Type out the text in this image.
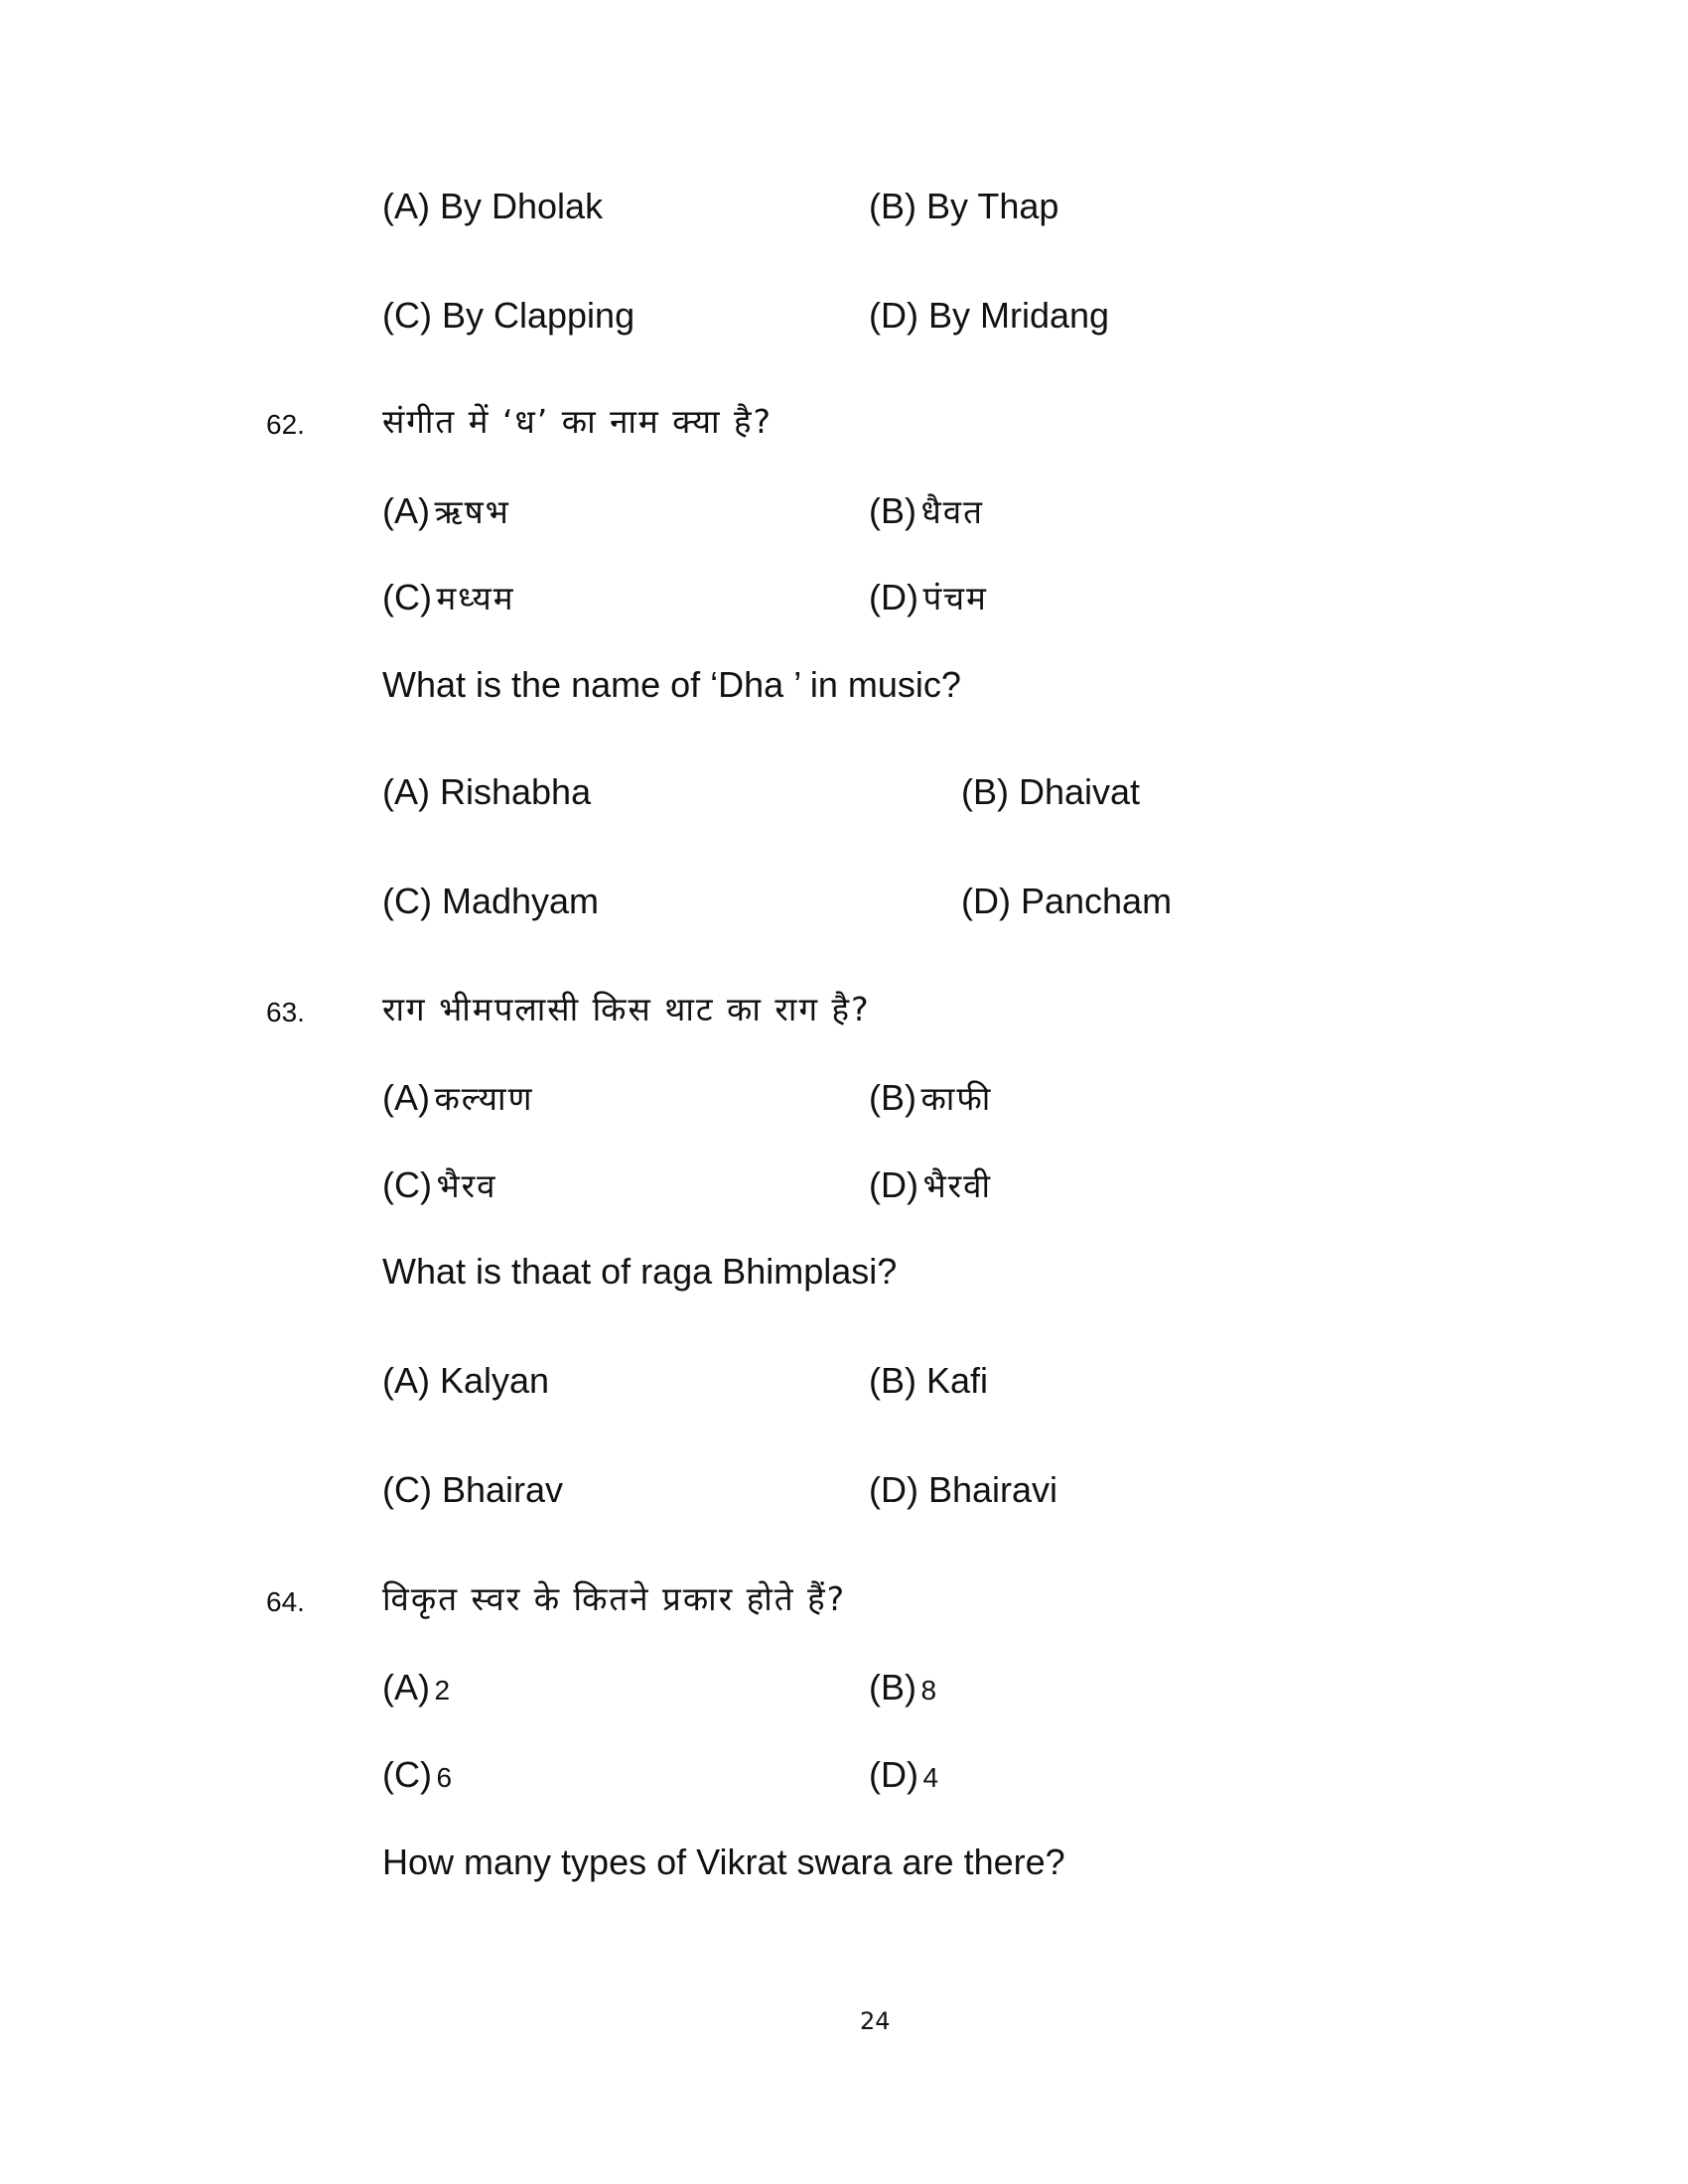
(A) By Dholak	(B) By Thap
(C) By Clapping	(D) By Mridang
62. संगीत में ‘ध’ का नाम क्या है?
(A) ऋषभ	(B) धैवत
(C) मध्यम	(D) पंचम
What is the name of ‘Dha ’ in music?
(A) Rishabha	(B) Dhaivat
(C) Madhyam	(D) Pancham
63. राग भीमपलासी किस थाट का राग है?
(A) कल्याण	(B) काफी
(C) भैरव	(D) भैरवी
What is thaat of raga Bhimplasi?
(A) Kalyan	(B) Kafi
(C) Bhairav	(D) Bhairavi
64. विकृत स्वर के कितने प्रकार होते हैं?
(A) 2	(B) 8
(C) 6	(D) 4
How many types of Vikrat swara are there?
24
